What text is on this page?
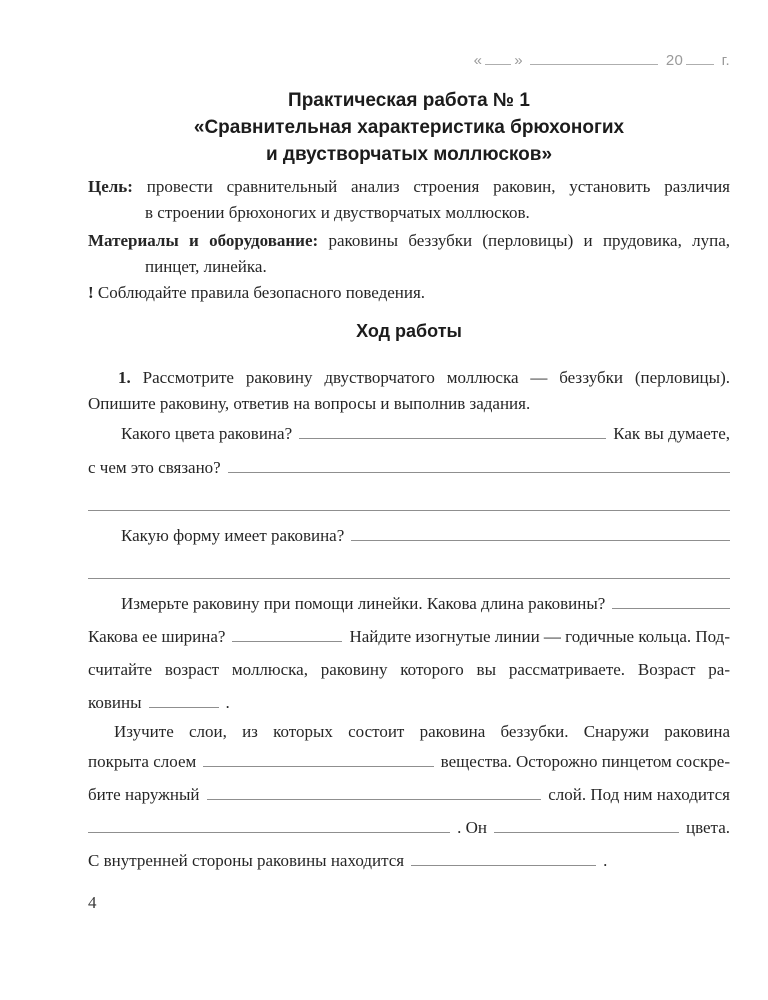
« »	20	г.
Практическая работа № 1
«Сравнительная характеристика брюхоногих
и двустворчатых моллюсков»
Цель: провести сравнительный анализ строения раковин, установить различия
в строении брюхоногих и двустворчатых моллюсков.
Материалы и оборудование: раковины беззубки (перловицы) и прудовика, лупа,
пинцет, линейка.
! Соблюдайте правила безопасного поведения.
Ход работы
1. Рассмотрите раковину двустворчатого моллюска — беззубки (перловицы).
Опишите раковину, ответив на вопросы и выполнив задания.
Какого цвета раковина?	Как вы думаете,
с чем это связано?
Какую форму имеет раковина?
Измерьте раковину при помощи линейки. Какова длина раковины?
Какова ее ширина?	Найдите изогнутые линии — годичные кольца. Под-
считайте возраст моллюска, раковину которого вы рассматриваете. Возраст ра-
ковины	.
Изучите слои, из которых состоит раковина беззубки. Снаружи раковина
покрыта слоем	вещества. Осторожно пинцетом соскре-
бите наружный	слой. Под ним находится
. Он	цвета.
С внутренней стороны раковины находится	.
4
